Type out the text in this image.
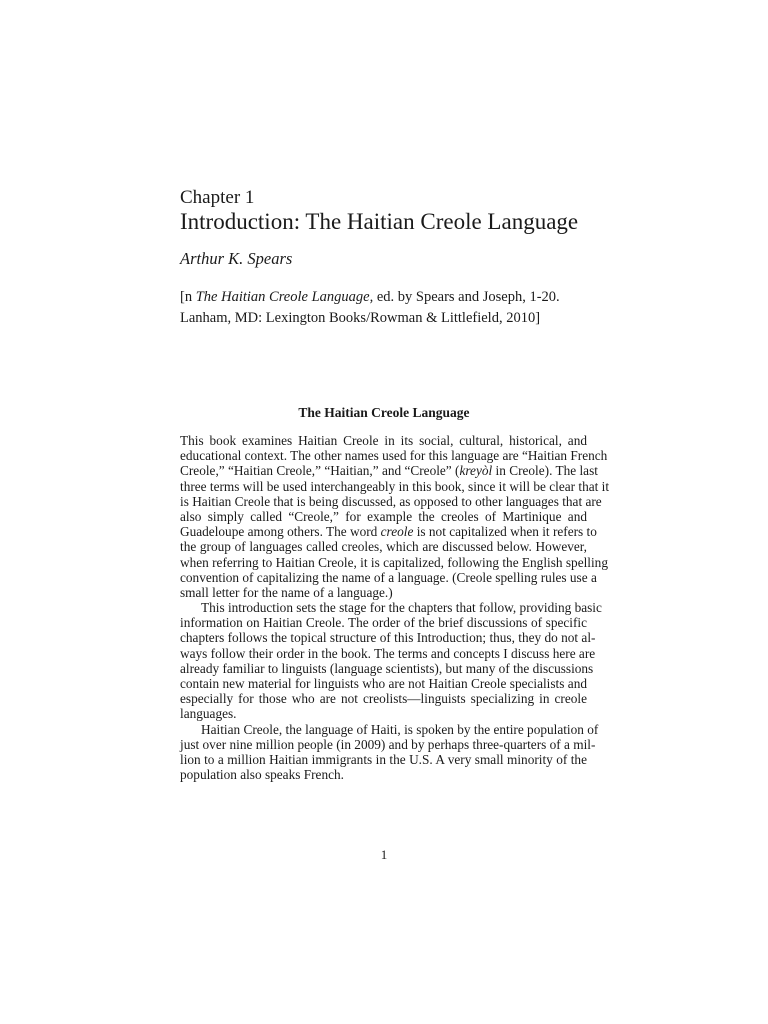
Chapter 1
Introduction: The Haitian Creole Language
Arthur K. Spears
[n The Haitian Creole Language, ed. by Spears and Joseph, 1-20.
Lanham, MD: Lexington Books/Rowman & Littlefield, 2010]
The Haitian Creole Language
This book examines Haitian Creole in its social, cultural, historical, and
educational context. The other names used for this language are “Haitian French
Creole,” “Haitian Creole,” “Haitian,” and “Creole” (kreyòl in Creole). The last
three terms will be used interchangeably in this book, since it will be clear that it
is Haitian Creole that is being discussed, as opposed to other languages that are
also simply called “Creole,” for example the creoles of Martinique and
Guadeloupe among others. The word creole is not capitalized when it refers to
the group of languages called creoles, which are discussed below. However,
when referring to Haitian Creole, it is capitalized, following the English spelling
convention of capitalizing the name of a language. (Creole spelling rules use a
small letter for the name of a language.)
This introduction sets the stage for the chapters that follow, providing basic
information on Haitian Creole. The order of the brief discussions of specific
chapters follows the topical structure of this Introduction; thus, they do not al-
ways follow their order in the book. The terms and concepts I discuss here are
already familiar to linguists (language scientists), but many of the discussions
contain new material for linguists who are not Haitian Creole specialists and
especially for those who are not creolists—linguists specializing in creole
languages.
Haitian Creole, the language of Haiti, is spoken by the entire population of
just over nine million people (in 2009) and by perhaps three-quarters of a mil-
lion to a million Haitian immigrants in the U.S. A very small minority of the
population also speaks French.
1
